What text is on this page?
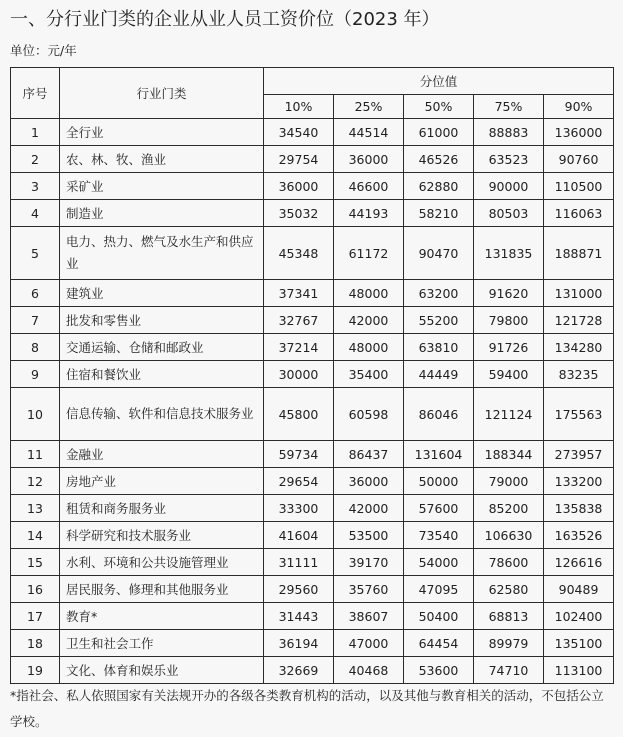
一、分行业门类的企业从业人员工资价位（2023 年）
单位：元/年
序号	行业门类	分位值				
		10%	25%	50%	75%	90%
1	全行业	34540	44514	61000	88883	136000
2	农、林、牧、渔业	29754	36000	46526	63523	90760
3	采矿业	36000	46600	62880	90000	110500
4	制造业	35032	44193	58210	80503	116063
5	电力、热力、燃气及水生产和供应业	45348	61172	90470	131835	188871
6	建筑业	37341	48000	63200	91620	131000
7	批发和零售业	32767	42000	55200	79800	121728
8	交通运输、仓储和邮政业	37214	48000	63810	91726	134280
9	住宿和餐饮业	30000	35400	44449	59400	83235
10	信息传输、软件和信息技术服务业	45800	60598	86046	121124	175563
11	金融业	59734	86437	131604	188344	273957
12	房地产业	29654	36000	50000	79000	133200
13	租赁和商务服务业	33300	42000	57600	85200	135838
14	科学研究和技术服务业	41604	53500	73540	106630	163526
15	水利、环境和公共设施管理业	31111	39170	54000	78600	126616
16	居民服务、修理和其他服务业	29560	35760	47095	62580	90489
17	教育*	31443	38607	50400	68813	102400
18	卫生和社会工作	36194	47000	64454	89979	135100
19	文化、体育和娱乐业	32669	40468	53600	74710	113100
*指社会、私人依照国家有关法规开办的各级各类教育机构的活动，以及其他与教育相关的活动，不包括公立学校。
